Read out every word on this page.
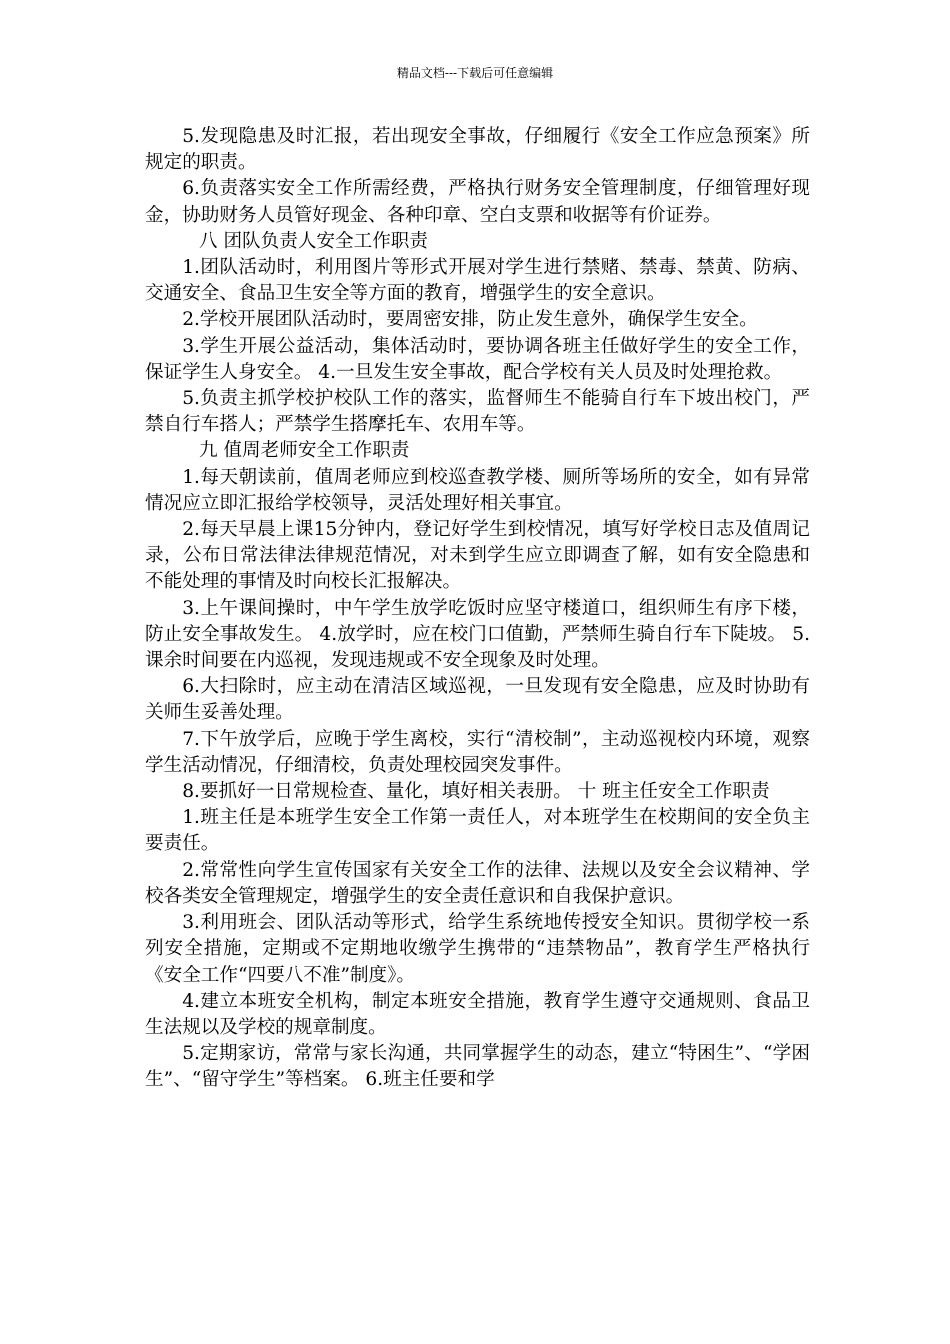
精品文档---下载后可任意编辑

5.发现隐患及时汇报，若出现安全事故，仔细履行《安全工作应急预案》所规定的职责。

6.负责落实安全工作所需经费，严格执行财务安全管理制度，仔细管理好现金，协助财务人员管好现金、各种印章、空白支票和收据等有价证券。

八 团队负责人安全工作职责

1.团队活动时，利用图片等形式开展对学生进行禁赌、禁毒、禁黄、防病、交通安全、食品卫生安全等方面的教育，增强学生的安全意识。

2.学校开展团队活动时，要周密安排，防止发生意外，确保学生安全。

3.学生开展公益活动，集体活动时，要协调各班主任做好学生的安全工作，保证学生人身安全。 4.一旦发生安全事故，配合学校有关人员及时处理抢救。

5.负责主抓学校护校队工作的落实，监督师生不能骑自行车下坡出校门，严禁自行车搭人；严禁学生搭摩托车、农用车等。

九 值周老师安全工作职责

1.每天朝读前，值周老师应到校巡查教学楼、厕所等场所的安全，如有异常情况应立即汇报给学校领导，灵活处理好相关事宜。

2.每天早晨上课15分钟内，登记好学生到校情况，填写好学校日志及值周记录，公布日常法律法律规范情况，对未到学生应立即调查了解，如有安全隐患和不能处理的事情及时向校长汇报解决。

3.上午课间操时，中午学生放学吃饭时应坚守楼道口，组织师生有序下楼，防止安全事故发生。 4.放学时，应在校门口值勤，严禁师生骑自行车下陡坡。 5.课余时间要在内巡视，发现违规或不安全现象及时处理。

6.大扫除时，应主动在清洁区域巡视，一旦发现有安全隐患，应及时协助有关师生妥善处理。

7.下午放学后，应晚于学生离校，实行“清校制”，主动巡视校内环境，观察学生活动情况，仔细清校，负责处理校园突发事件。

8.要抓好一日常规检查、量化，填好相关表册。 十 班主任安全工作职责

1.班主任是本班学生安全工作第一责任人，对本班学生在校期间的安全负主要责任。

2.常常性向学生宣传国家有关安全工作的法律、法规以及安全会议精神、学校各类安全管理规定，增强学生的安全责任意识和自我保护意识。

3.利用班会、团队活动等形式，给学生系统地传授安全知识。贯彻学校一系列安全措施，定期或不定期地收缴学生携带的“违禁物品”，教育学生严格执行《安全工作“四要八不准”制度》。

4.建立本班安全机构，制定本班安全措施，教育学生遵守交通规则、食品卫生法规以及学校的规章制度。

5.定期家访，常常与家长沟通，共同掌握学生的动态，建立“特困生”、“学困生”、“留守学生”等档案。 6.班主任要和学
